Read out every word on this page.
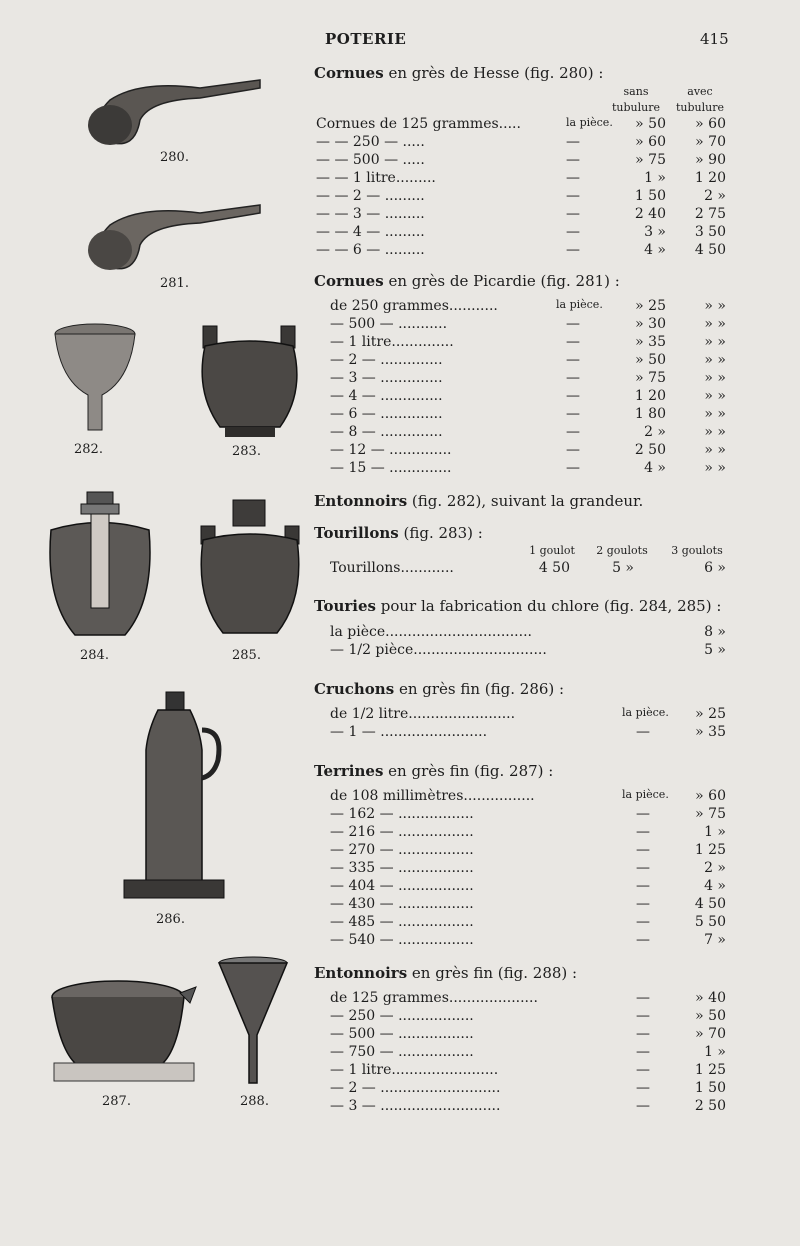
POTERIE	415
280.
281.
282.	283.
284.	285.
286.
287.	288.
Cornues en grès de Hesse (fig. 280) :
sans tubulure
avec tubulure
Cornues de 125 grammes.....	la pièce.	» 50	» 60
— — 250 — .....	—	» 60	» 70
— — 500 — .....	—	» 75	» 90
— — 1 litre.........	—	1 »	1 20
— — 2 — .........	—	1 50	2 »
— — 3 — .........	—	2 40	2 75
— — 4 — .........	—	3 »	3 50
— — 6 — .........	—	4 »	4 50
Cornues en grès de Picardie (fig. 281) :
de 250 grammes...........	la pièce.	» 25	» »
— 500 — ...........	—	» 30	» »
— 1 litre..............	—	» 35	» »
— 2 — ..............	—	» 50	» »
— 3 — ..............	—	» 75	» »
— 4 — ..............	—	1 20	» »
— 6 — ..............	—	1 80	» »
— 8 — ..............	—	2 »	» »
— 12 — ..............	—	2 50	» »
— 15 — ..............	—	4 »	» »
Entonnoirs (fig. 282), suivant la grandeur.
Tourillons (fig. 283) :
1 goulot	2 goulots	3 goulots
Tourillons............	4 50	5 »	6 »
Touries pour la fabrication du chlore (fig. 284, 285) :
la pièce.................................	8 »
— 1/2 pièce..............................	5 »
Cruchons en grès fin (fig. 286) :
de 1/2 litre........................	la pièce.	» 25
— 1 — ........................	—	» 35
Terrines en grès fin (fig. 287) :
de 108 millimètres................	la pièce.	» 60
— 162 — .................	—	» 75
— 216 — .................	—	1 »
— 270 — .................	—	1 25
— 335 — .................	—	2 »
— 404 — .................	—	4 »
— 430 — .................	—	4 50
— 485 — .................	—	5 50
— 540 — .................	—	7 »
Entonnoirs en grès fin (fig. 288) :
de 125 grammes....................	—	» 40
— 250 — .................	—	» 50
— 500 — .................	—	» 70
— 750 — .................	—	1 »
— 1 litre........................	—	1 25
— 2 — ...........................	—	1 50
— 3 — ...........................	—	2 50
